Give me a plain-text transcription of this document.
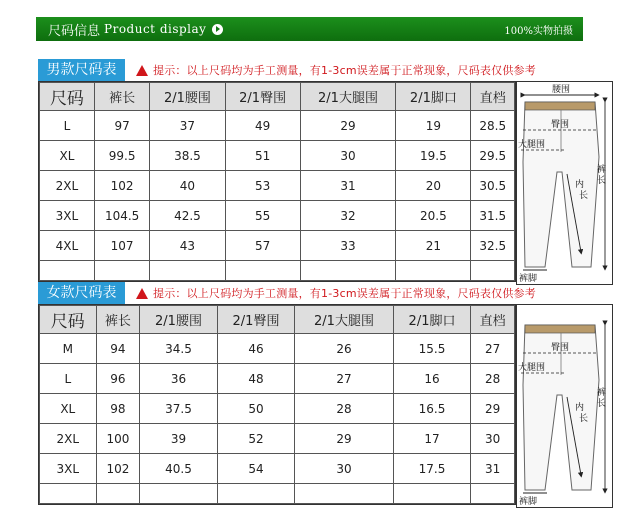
尺码信息 Product display	100%实物拍摄
男款尺码表	提示：以上尺码均为手工测量，有1-3cm误差属于正常现象，尺码表仅供参考
尺码	裤长	2/1腰围	2/1臀围	2/1大腿围	2/1脚口	直档
L	97	37	49	29	19	28.5
XL	99.5	38.5	51	30	19.5	29.5
2XL	102	40	53	31	20	30.5
3XL	104.5	42.5	55	32	20.5	31.5
4XL	107	43	57	33	21	32.5

腰围
臀围
大腿围
内
长
裤
长
裤脚
女款尺码表	提示：以上尺码均为手工测量，有1-3cm误差属于正常现象，尺码表仅供参考
尺码	裤长	2/1腰围	2/1臀围	2/1大腿围	2/1脚口	直档
M	94	34.5	46	26	15.5	27
L	96	36	48	27	16	28
XL	98	37.5	50	28	16.5	29
2XL	100	39	52	29	17	30
3XL	102	40.5	54	30	17.5	31

臀围
大腿围
内
长
裤
长
裤脚
